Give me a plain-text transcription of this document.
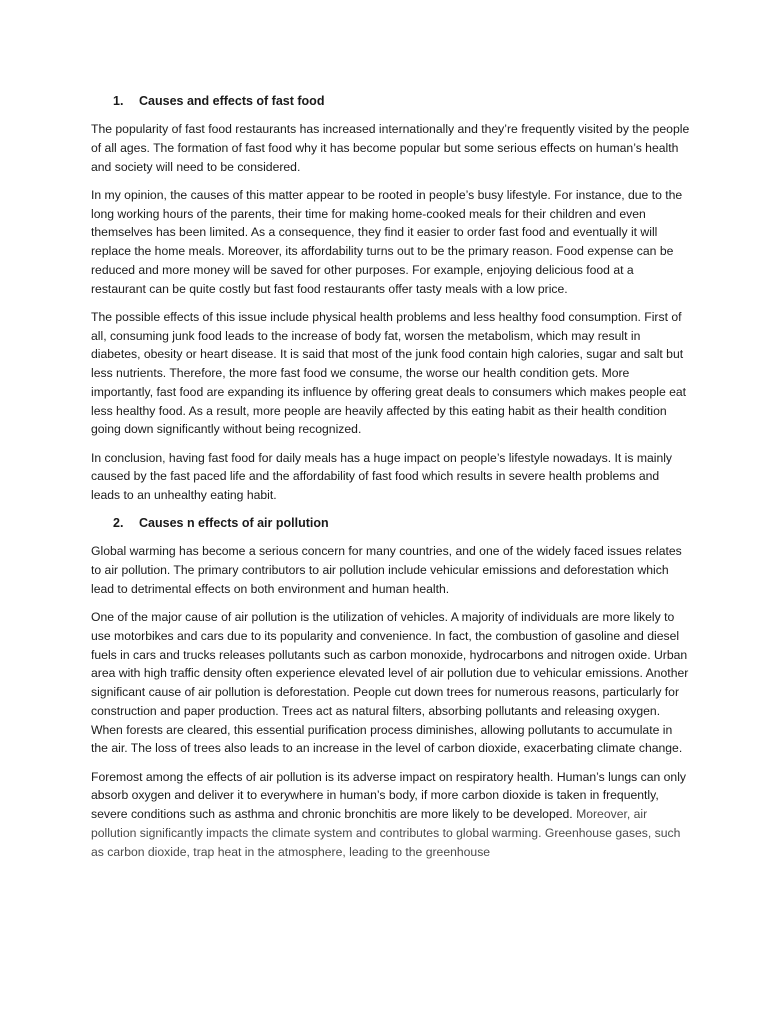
1. Causes and effects of fast food

The popularity of fast food restaurants has increased internationally and they’re frequently visited by the people of all ages. The formation of fast food why it has become popular but some serious effects on human’s health and society will need to be considered.

In my opinion, the causes of this matter appear to be rooted in people’s busy lifestyle. For instance, due to the long working hours of the parents, their time for making home-cooked meals for their children and even themselves has been limited. As a consequence, they find it easier to order fast food and eventually it will replace the home meals. Moreover, its affordability turns out to be the primary reason. Food expense can be reduced and more money will be saved for other purposes. For example, enjoying delicious food at a restaurant can be quite costly but fast food restaurants offer tasty meals with a low price.

The possible effects of this issue include physical health problems and less healthy food consumption. First of all, consuming junk food leads to the increase of body fat, worsen the metabolism, which may result in diabetes, obesity or heart disease. It is said that most of the junk food contain high calories, sugar and salt but less nutrients. Therefore, the more fast food we consume, the worse our health condition gets. More importantly, fast food are expanding its influence by offering great deals to consumers which makes people eat less healthy food. As a result, more people are heavily affected by this eating habit as their health condition going down significantly without being recognized.

In conclusion, having fast food for daily meals has a huge impact on people’s lifestyle nowadays. It is mainly caused by the fast paced life and the affordability of fast food which results in severe health problems and leads to an unhealthy eating habit.

2. Causes n effects of air pollution

Global warming has become a serious concern for many countries, and one of the widely faced issues relates to air pollution. The primary contributors to air pollution include vehicular emissions and deforestation which lead to detrimental effects on both environment and human health.

One of the major cause of air pollution is the utilization of vehicles. A majority of individuals are more likely to use motorbikes and cars due to its popularity and convenience. In fact, the combustion of gasoline and diesel fuels in cars and trucks releases pollutants such as carbon monoxide, hydrocarbons and nitrogen oxide. Urban area with high traffic density often experience elevated level of air pollution due to vehicular emissions. Another significant cause of air pollution is deforestation. People cut down trees for numerous reasons, particularly for construction and paper production. Trees act as natural filters, absorbing pollutants and releasing oxygen. When forests are cleared, this essential purification process diminishes, allowing pollutants to accumulate in the air. The loss of trees also leads to an increase in the level of carbon dioxide, exacerbating climate change.

Foremost among the effects of air pollution is its adverse impact on respiratory health. Human’s lungs can only absorb oxygen and deliver it to everywhere in human’s body, if more carbon dioxide is taken in frequently, severe conditions such as asthma and chronic bronchitis are more likely to be developed. Moreover, air pollution significantly impacts the climate system and contributes to global warming. Greenhouse gases, such as carbon dioxide, trap heat in the atmosphere, leading to the greenhouse
